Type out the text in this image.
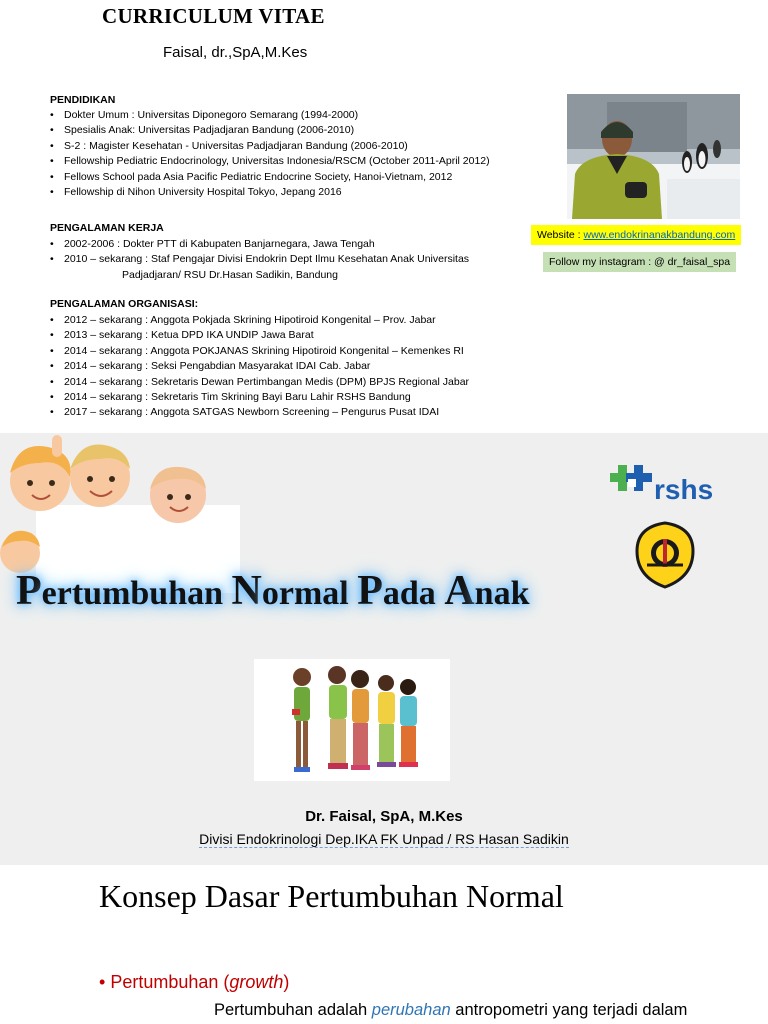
CURRICULUM VITAE
Faisal, dr.,SpA,M.Kes
PENDIDIKAN
• Dokter Umum : Universitas Diponegoro Semarang (1994-2000)
• Spesialis Anak: Universitas Padjadjaran Bandung (2006-2010)
• S-2 : Magister Kesehatan - Universitas Padjadjaran Bandung (2006-2010)
• Fellowship Pediatric Endocrinology, Universitas Indonesia/RSCM (October 2011-April 2012)
• Fellows School pada Asia Pacific Pediatric Endocrine Society, Hanoi-Vietnam, 2012
• Fellowship di Nihon University Hospital Tokyo, Jepang 2016
PENGALAMAN KERJA
• 2002-2006 : Dokter PTT di Kabupaten Banjarnegara, Jawa Tengah
• 2010 – sekarang : Staf Pengajar Divisi Endokrin Dept Ilmu Kesehatan Anak Universitas
Padjadjaran/ RSU Dr.Hasan Sadikin, Bandung
PENGALAMAN ORGANISASI:
• 2012 – sekarang : Anggota Pokjada Skrining Hipotiroid Kongenital – Prov. Jabar
• 2013 – sekarang : Ketua DPD IKA UNDIP Jawa Barat
• 2014 – sekarang : Anggota POKJANAS Skrining Hipotiroid Kongenital – Kemenkes RI
• 2014 – sekarang : Seksi Pengabdian Masyarakat IDAI Cab. Jabar
• 2014 – sekarang : Sekretaris Dewan Pertimbangan Medis (DPM) BPJS Regional Jabar
• 2014 – sekarang : Sekretaris Tim Skrining Bayi Baru Lahir RSHS Bandung
• 2017 – sekarang : Anggota SATGAS Newborn Screening – Pengurus Pusat IDAI
Website : www.endokrinanakbandung.com
Follow my instagram : @ dr_faisal_spa
rshs
Pertumbuhan Normal Pada Anak
Dr. Faisal, SpA, M.Kes
Divisi Endokrinologi Dep.IKA FK Unpad / RS Hasan Sadikin
Konsep Dasar Pertumbuhan Normal
• Pertumbuhan (growth)
Pertumbuhan adalah perubahan antropometri yang terjadi dalam
